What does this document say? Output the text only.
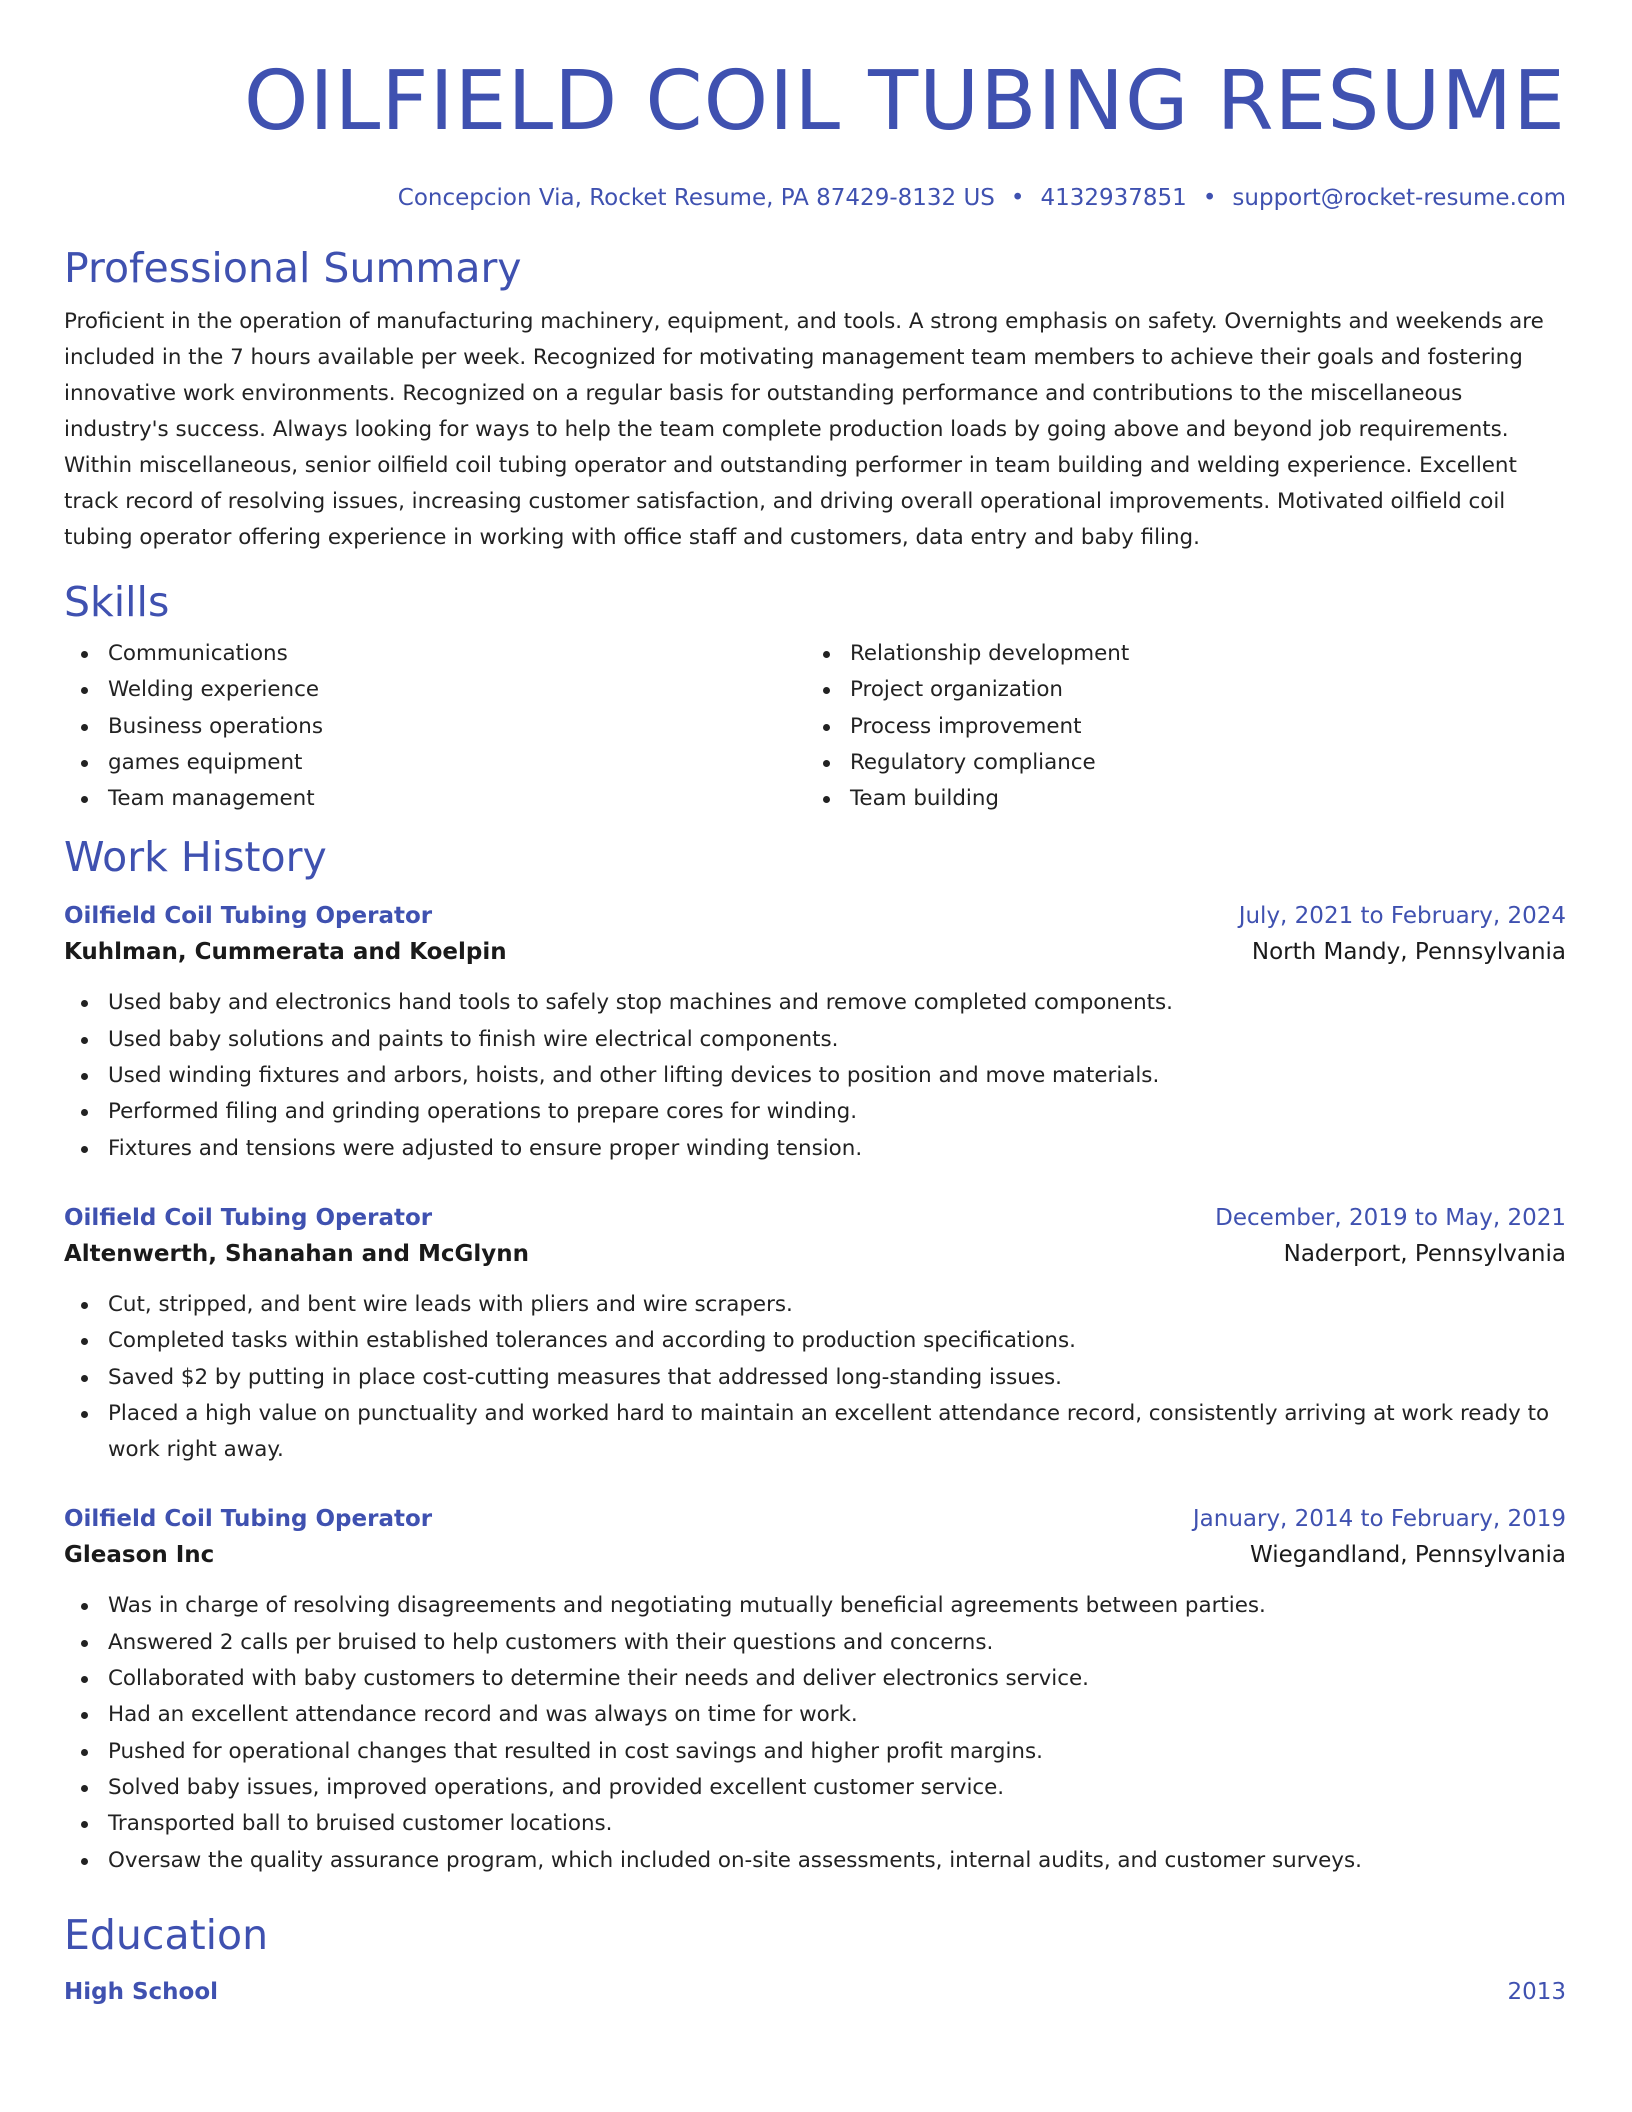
OILFIELD COIL TUBING RESUME
Concepcion Via, Rocket Resume, PA 87429-8132 US • 4132937851 • support@rocket-resume.com
Professional Summary

Proficient in the operation of manufacturing machinery, equipment, and tools. A strong emphasis on safety. Overnights and weekends are included in the 7 hours available per week. Recognized for motivating management team members to achieve their goals and fostering innovative work environments. Recognized on a regular basis for outstanding performance and contributions to the miscellaneous industry's success. Always looking for ways to help the team complete production loads by going above and beyond job requirements. Within miscellaneous, senior oilfield coil tubing operator and outstanding performer in team building and welding experience. Excellent track record of resolving issues, increasing customer satisfaction, and driving overall operational improvements. Motivated oilfield coil tubing operator offering experience in working with office staff and customers, data entry and baby filing.

Skills
Communications
Welding experience
Business operations
games equipment
Team management
Relationship development
Project organization
Process improvement
Regulatory compliance
Team building
Work History
Oilfield Coil Tubing Operator	July, 2021 to February, 2024
Kuhlman, Cummerata and Koelpin	North Mandy, Pennsylvania
Used baby and electronics hand tools to safely stop machines and remove completed components.
Used baby solutions and paints to finish wire electrical components.
Used winding fixtures and arbors, hoists, and other lifting devices to position and move materials.
Performed filing and grinding operations to prepare cores for winding.
Fixtures and tensions were adjusted to ensure proper winding tension.
Oilfield Coil Tubing Operator	December, 2019 to May, 2021
Altenwerth, Shanahan and McGlynn	Naderport, Pennsylvania
Cut, stripped, and bent wire leads with pliers and wire scrapers.
Completed tasks within established tolerances and according to production specifications.
Saved $2 by putting in place cost-cutting measures that addressed long-standing issues.
Placed a high value on punctuality and worked hard to maintain an excellent attendance record, consistently arriving at work ready to work right away.
Oilfield Coil Tubing Operator	January, 2014 to February, 2019
Gleason Inc	Wiegandland, Pennsylvania
Was in charge of resolving disagreements and negotiating mutually beneficial agreements between parties.
Answered 2 calls per bruised to help customers with their questions and concerns.
Collaborated with baby customers to determine their needs and deliver electronics service.
Had an excellent attendance record and was always on time for work.
Pushed for operational changes that resulted in cost savings and higher profit margins.
Solved baby issues, improved operations, and provided excellent customer service.
Transported ball to bruised customer locations.
Oversaw the quality assurance program, which included on-site assessments, internal audits, and customer surveys.
Education
High School	2013
